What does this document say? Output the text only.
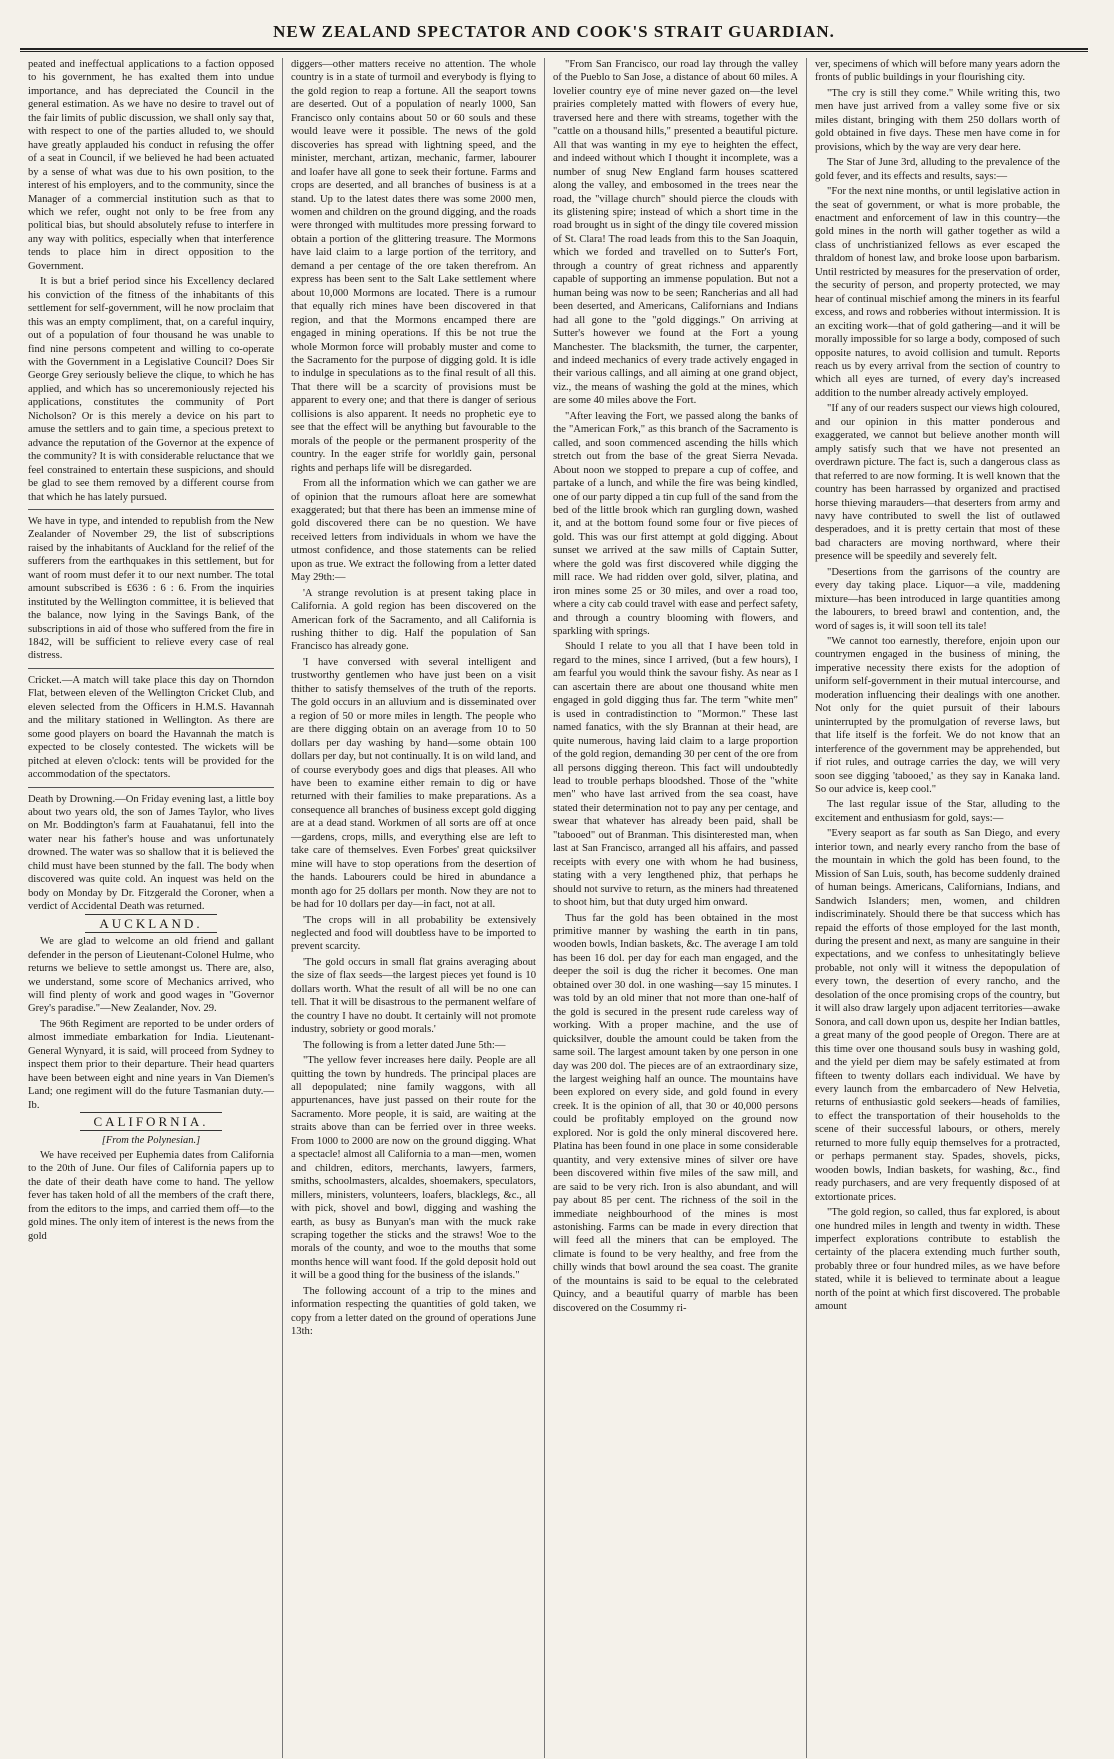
NEW ZEALAND SPECTATOR AND COOK'S STRAIT GUARDIAN.

peated and ineffectual applications to a faction opposed to his government, he has exalted them into undue importance, and has depreciated the Council in the general estimation. As we have no desire to travel out of the fair limits of public discussion, we shall only say that, with respect to one of the parties alluded to, we should have greatly applauded his conduct in refusing the offer of a seat in Council, if we believed he had been actuated by a sense of what was due to his own position, to the interest of his employers, and to the community, since the Manager of a commercial institution such as that to which we refer, ought not only to be free from any political bias, but should absolutely refuse to interfere in any way with politics, especially when that interference tends to place him in direct opposition to the Government.

It is but a brief period since his Excellency declared his conviction of the fitness of the inhabitants of this settlement for self-government, will he now proclaim that this was an empty compliment, that, on a careful inquiry, out of a population of four thousand he was unable to find nine persons competent and willing to co-operate with the Government in a Legislative Council? Does Sir George Grey seriously believe the clique, to which he has applied, and which has so unceremoniously rejected his applications, constitutes the community of Port Nicholson? Or is this merely a device on his part to amuse the settlers and to gain time, a specious pretext to advance the reputation of the Governor at the expence of the community? It is with considerable reluctance that we feel constrained to entertain these suspicions, and should be glad to see them removed by a different course from that which he has lately pursued.

We have in type, and intended to republish from the New Zealander of November 29, the list of subscriptions raised by the inhabitants of Auckland for the relief of the sufferers from the earthquakes in this settlement, but for want of room must defer it to our next number. The total amount subscribed is £636 : 6 : 6. From the inquiries instituted by the Wellington committee, it is believed that the balance, now lying in the Savings Bank, of the subscriptions in aid of those who suffered from the fire in 1842, will be sufficient to relieve every case of real distress.

Cricket.—A match will take place this day on Thorndon Flat, between eleven of the Wellington Cricket Club, and eleven selected from the Officers in H.M.S. Havannah and the military stationed in Wellington. As there are some good players on board the Havannah the match is expected to be closely contested. The wickets will be pitched at eleven o'clock: tents will be provided for the accommodation of the spectators.

Death by Drowning.—On Friday evening last, a little boy about two years old, the son of James Taylor, who lives on Mr. Boddington's farm at Fauahatanui, fell into the water near his father's house and was unfortunately drowned. The water was so shallow that it is believed the child must have been stunned by the fall. The body when discovered was quite cold. An inquest was held on the body on Monday by Dr. Fitzgerald the Coroner, when a verdict of Accidental Death was returned.

AUCKLAND.

We are glad to welcome an old friend and gallant defender in the person of Lieutenant-Colonel Hulme, who returns we believe to settle amongst us. There are, also, we understand, some score of Mechanics arrived, who will find plenty of work and good wages in "Governor Grey's paradise."—New Zealander, Nov. 29.

The 96th Regiment are reported to be under orders of almost immediate embarkation for India. Lieutenant-General Wynyard, it is said, will proceed from Sydney to inspect them prior to their departure. Their head quarters have been between eight and nine years in Van Diemen's Land; one regiment will do the future Tasmanian duty.—Ib.

CALIFORNIA.
[From the Polynesian.]

We have received per Euphemia dates from California to the 20th of June. Our files of California papers up to the date of their death have come to hand. The yellow fever has taken hold of all the members of the craft there, from the editors to the imps, and carried them off—to the gold mines. The only item of interest is the news from the gold

diggers—other matters receive no attention. The whole country is in a state of turmoil and everybody is flying to the gold region to reap a fortune. All the seaport towns are deserted. Out of a population of nearly 1000, San Francisco only contains about 50 or 60 souls and these would leave were it possible. The news of the gold discoveries has spread with lightning speed, and the minister, merchant, artizan, mechanic, farmer, labourer and loafer have all gone to seek their fortune. Farms and crops are deserted, and all branches of business is at a stand. Up to the latest dates there was some 2000 men, women and children on the ground digging, and the roads were thronged with multitudes more pressing forward to obtain a portion of the glittering treasure. The Mormons have laid claim to a large portion of the territory, and demand a per centage of the ore taken therefrom. An express has been sent to the Salt Lake settlement where about 10,000 Mormons are located. There is a rumour that equally rich mines have been discovered in that region, and that the Mormons encamped there are engaged in mining operations. If this be not true the whole Mormon force will probably muster and come to the Sacramento for the purpose of digging gold. It is idle to indulge in speculations as to the final result of all this. That there will be a scarcity of provisions must be apparent to every one; and that there is danger of serious collisions is also apparent. It needs no prophetic eye to see that the effect will be anything but favourable to the morals of the people or the permanent prosperity of the country. In the eager strife for worldly gain, personal rights and perhaps life will be disregarded.

From all the information which we can gather we are of opinion that the rumours afloat here are somewhat exaggerated; but that there has been an immense mine of gold discovered there can be no question. We have received letters from individuals in whom we have the utmost confidence, and those statements can be relied upon as true. We extract the following from a letter dated May 29th:—

'A strange revolution is at present taking place in California. A gold region has been discovered on the American fork of the Sacramento, and all California is rushing thither to dig. Half the population of San Francisco has already gone.

'I have conversed with several intelligent and trustworthy gentlemen who have just been on a visit thither to satisfy themselves of the truth of the reports. The gold occurs in an alluvium and is disseminated over a region of 50 or more miles in length. The people who are there digging obtain on an average from 10 to 50 dollars per day washing by hand—some obtain 100 dollars per day, but not continually. It is on wild land, and of course everybody goes and digs that pleases. All who have been to examine either remain to dig or have returned with their families to make preparations. As a consequence all branches of business except gold digging are at a dead stand. Workmen of all sorts are off at once—gardens, crops, mills, and everything else are left to take care of themselves. Even Forbes' great quicksilver mine will have to stop operations from the desertion of the hands. Labourers could be hired in abundance a month ago for 25 dollars per month. Now they are not to be had for 10 dollars per day—in fact, not at all.

'The crops will in all probability be extensively neglected and food will doubtless have to be imported to prevent scarcity.

'The gold occurs in small flat grains averaging about the size of flax seeds—the largest pieces yet found is 10 dollars worth. What the result of all will be no one can tell. That it will be disastrous to the permanent welfare of the country I have no doubt. It certainly will not promote industry, sobriety or good morals.'

The following is from a letter dated June 5th:—

"The yellow fever increases here daily. People are all quitting the town by hundreds. The principal places are all depopulated; nine family waggons, with all appurtenances, have just passed on their route for the Sacramento. More people, it is said, are waiting at the straits above than can be ferried over in three weeks. From 1000 to 2000 are now on the ground digging. What a spectacle! almost all California to a man—men, women and children, editors, merchants, lawyers, farmers, smiths, schoolmasters, alcaldes, shoemakers, speculators, millers, ministers, volunteers, loafers, blacklegs, &c., all with pick, shovel and bowl, digging and washing the earth, as busy as Bunyan's man with the muck rake scraping together the sticks and the straws! Woe to the morals of the county, and woe to the mouths that some months hence will want food. If the gold deposit hold out it will be a good thing for the business of the islands."

The following account of a trip to the mines and information respecting the quantities of gold taken, we copy from a letter dated on the ground of operations June 13th:

"From San Francisco, our road lay through the valley of the Pueblo to San Jose, a distance of about 60 miles. A lovelier country eye of mine never gazed on—the level prairies completely matted with flowers of every hue, traversed here and there with streams, together with the "cattle on a thousand hills," presented a beautiful picture. All that was wanting in my eye to heighten the effect, and indeed without which I thought it incomplete, was a number of snug New England farm houses scattered along the valley, and embosomed in the trees near the road, the "village church" should pierce the clouds with its glistening spire; instead of which a short time in the road brought us in sight of the dingy tile covered mission of St. Clara! The road leads from this to the San Joaquin, which we forded and travelled on to Sutter's Fort, through a country of great richness and apparently capable of supporting an immense population. But not a human being was now to be seen; Rancherias and all had been deserted, and Americans, Californians and Indians had all gone to the "gold diggings." On arriving at Sutter's however we found at the Fort a young Manchester. The blacksmith, the turner, the carpenter, and indeed mechanics of every trade actively engaged in their various callings, and all aiming at one grand object, viz., the means of washing the gold at the mines, which are some 40 miles above the Fort.

"After leaving the Fort, we passed along the banks of the "American Fork," as this branch of the Sacramento is called, and soon commenced ascending the hills which stretch out from the base of the great Sierra Nevada. About noon we stopped to prepare a cup of coffee, and partake of a lunch, and while the fire was being kindled, one of our party dipped a tin cup full of the sand from the bed of the little brook which ran gurgling down, washed it, and at the bottom found some four or five pieces of gold. This was our first attempt at gold digging. About sunset we arrived at the saw mills of Captain Sutter, where the gold was first discovered while digging the mill race. We had ridden over gold, silver, platina, and iron mines some 25 or 30 miles, and over a road too, where a city cab could travel with ease and perfect safety, and through a country blooming with flowers, and sparkling with springs.

Should I relate to you all that I have been told in regard to the mines, since I arrived, (but a few hours), I am fearful you would think the savour fishy. As near as I can ascertain there are about one thousand white men engaged in gold digging thus far. The term "white men" is used in contradistinction to "Mormon." These last named fanatics, with the sly Brannan at their head, are quite numerous, having laid claim to a large proportion of the gold region, demanding 30 per cent of the ore from all persons digging thereon. This fact will undoubtedly lead to trouble perhaps bloodshed. Those of the "white men" who have last arrived from the sea coast, have stated their determination not to pay any per centage, and swear that whatever has already been paid, shall be "tabooed" out of Branman. This disinterested man, when last at San Francisco, arranged all his affairs, and passed receipts with every one with whom he had business, stating with a very lengthened phiz, that perhaps he should not survive to return, as the miners had threatened to shoot him, but that duty urged him onward.

Thus far the gold has been obtained in the most primitive manner by washing the earth in tin pans, wooden bowls, Indian baskets, &c. The average I am told has been 16 dol. per day for each man engaged, and the deeper the soil is dug the richer it becomes. One man obtained over 30 dol. in one washing—say 15 minutes. I was told by an old miner that not more than one-half of the gold is secured in the present rude careless way of working. With a proper machine, and the use of quicksilver, double the amount could be taken from the same soil. The largest amount taken by one person in one day was 200 dol. The pieces are of an extraordinary size, the largest weighing half an ounce. The mountains have been explored on every side, and gold found in every creek. It is the opinion of all, that 30 or 40,000 persons could be profitably employed on the ground now explored. Nor is gold the only mineral discovered here. Platina has been found in one place in some considerable quantity, and very extensive mines of silver ore have been discovered within five miles of the saw mill, and are said to be very rich. Iron is also abundant, and will pay about 85 per cent. The richness of the soil in the immediate neighbourhood of the mines is most astonishing. Farms can be made in every direction that will feed all the miners that can be employed. The climate is found to be very healthy, and free from the chilly winds that bowl around the sea coast. The granite of the mountains is said to be equal to the celebrated Quincy, and a beautiful quarry of marble has been discovered on the Cosummy ri-

ver, specimens of which will before many years adorn the fronts of public buildings in your flourishing city.

"The cry is still they come." While writing this, two men have just arrived from a valley some five or six miles distant, bringing with them 250 dollars worth of gold obtained in five days. These men have come in for provisions, which by the way are very dear here.

The Star of June 3rd, alluding to the prevalence of the gold fever, and its effects and results, says:—

"For the next nine months, or until legislative action in the seat of government, or what is more probable, the enactment and enforcement of law in this country—the gold mines in the north will gather together as wild a class of unchristianized fellows as ever escaped the thraldom of honest law, and broke loose upon barbarism. Until restricted by measures for the preservation of order, the security of person, and property protected, we may hear of continual mischief among the miners in its fearful excess, and rows and robberies without intermission. It is an exciting work—that of gold gathering—and it will be morally impossible for so large a body, composed of such opposite natures, to avoid collision and tumult. Reports reach us by every arrival from the section of country to which all eyes are turned, of every day's increased addition to the number already actively employed.

"If any of our readers suspect our views high coloured, and our opinion in this matter ponderous and exaggerated, we cannot but believe another month will amply satisfy such that we have not presented an overdrawn picture. The fact is, such a dangerous class as that referred to are now forming. It is well known that the country has been harrassed by organized and practised horse thieving marauders—that deserters from army and navy have contributed to swell the list of outlawed desperadoes, and it is pretty certain that most of these bad characters are moving northward, where their presence will be speedily and severely felt.

"Desertions from the garrisons of the country are every day taking place. Liquor—a vile, maddening mixture—has been introduced in large quantities among the labourers, to breed brawl and contention, and, the word of sages is, it will soon tell its tale!

"We cannot too earnestly, therefore, enjoin upon our countrymen engaged in the business of mining, the imperative necessity there exists for the adoption of uniform self-government in their mutual intercourse, and moderation influencing their dealings with one another. Not only for the quiet pursuit of their labours uninterrupted by the promulgation of reverse laws, but that life itself is the forfeit. We do not know that an interference of the government may be apprehended, but if riot rules, and outrage carries the day, we will very soon see digging 'tabooed,' as they say in Kanaka land. So our advice is, keep cool."

The last regular issue of the Star, alluding to the excitement and enthusiasm for gold, says:—

"Every seaport as far south as San Diego, and every interior town, and nearly every rancho from the base of the mountain in which the gold has been found, to the Mission of San Luis, south, has become suddenly drained of human beings. Americans, Californians, Indians, and Sandwich Islanders; men, women, and children indiscriminately. Should there be that success which has repaid the efforts of those employed for the last month, during the present and next, as many are sanguine in their expectations, and we confess to unhesitatingly believe probable, not only will it witness the depopulation of every town, the desertion of every rancho, and the desolation of the once promising crops of the country, but it will also draw largely upon adjacent territories—awake Sonora, and call down upon us, despite her Indian battles, a great many of the good people of Oregon. There are at this time over one thousand souls busy in washing gold, and the yield per diem may be safely estimated at from fifteen to twenty dollars each individual. We have by every launch from the embarcadero of New Helvetia, returns of enthusiastic gold seekers—heads of families, to effect the transportation of their households to the scene of their successful labours, or others, merely returned to more fully equip themselves for a protracted, or perhaps permanent stay. Spades, shovels, picks, wooden bowls, Indian baskets, for washing, &c., find ready purchasers, and are very frequently disposed of at extortionate prices.

"The gold region, so called, thus far explored, is about one hundred miles in length and twenty in width. These imperfect explorations contribute to establish the certainty of the placera extending much further south, probably three or four hundred miles, as we have before stated, while it is believed to terminate about a league north of the point at which first discovered. The probable amount
